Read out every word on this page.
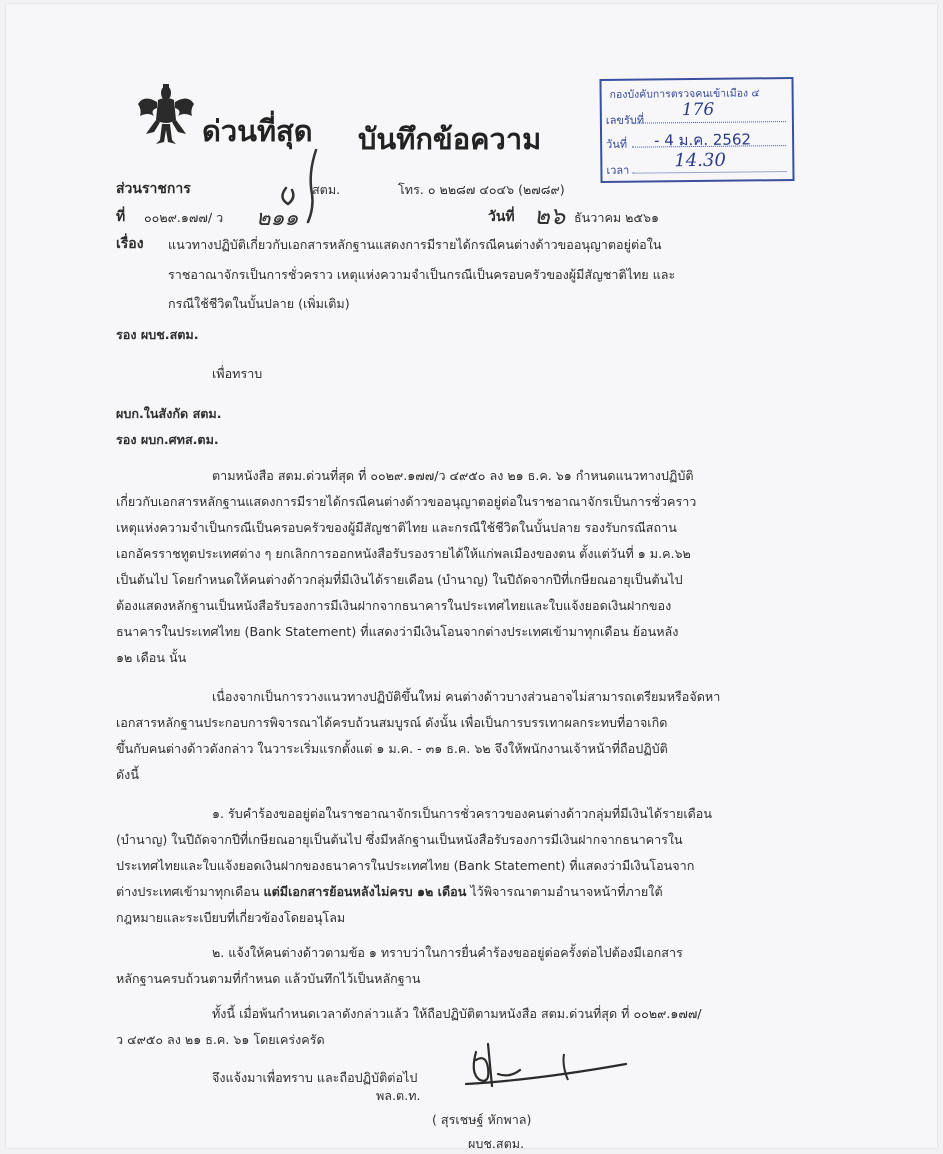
ด่วนที่สุด บันทึกข้อความ
กองบังคับการตรวจคนเข้าเมือง ๔
เลขรับที่
176
วันที่ - 4 ม.ค. 2562
เวลา 14.30
ส่วนราชการ	สตม.	โทร. ๐ ๒๒๘๗ ๔๐๔๖ (๒๗๘๙)
ที่ ๐๐๒๙.๑๗๗/ ว ๒๑๑	วันที่ ๒๖ ธันวาคม ๒๕๖๑
เรื่อง แนวทางปฏิบัติเกี่ยวกับเอกสารหลักฐานแสดงการมีรายได้กรณีคนต่างด้าวขออนุญาตอยู่ต่อใน
ราชอาณาจักรเป็นการชั่วคราว เหตุแห่งความจำเป็นกรณีเป็นครอบครัวของผู้มีสัญชาติไทย และ
กรณีใช้ชีวิตในบั้นปลาย (เพิ่มเติม)
รอง ผบช.สตม.
เพื่อทราบ
ผบก.ในสังกัด สตม.
รอง ผบก.ศทส.ตม.
ตามหนังสือ สตม.ด่วนที่สุด ที่ ๐๐๒๙.๑๗๗/ว ๔๙๕๐ ลง ๒๑ ธ.ค. ๖๑ กำหนดแนวทางปฏิบัติ
เกี่ยวกับเอกสารหลักฐานแสดงการมีรายได้กรณีคนต่างด้าวขออนุญาตอยู่ต่อในราชอาณาจักรเป็นการชั่วคราว
เหตุแห่งความจำเป็นกรณีเป็นครอบครัวของผู้มีสัญชาติไทย และกรณีใช้ชีวิตในบั้นปลาย รองรับกรณีสถาน
เอกอัครราชทูตประเทศต่าง ๆ ยกเลิกการออกหนังสือรับรองรายได้ให้แก่พลเมืองของตน ตั้งแต่วันที่ ๑ ม.ค.๖๒
เป็นต้นไป โดยกำหนดให้คนต่างด้าวกลุ่มที่มีเงินได้รายเดือน (บำนาญ) ในปีถัดจากปีที่เกษียณอายุเป็นต้นไป
ต้องแสดงหลักฐานเป็นหนังสือรับรองการมีเงินฝากจากธนาคารในประเทศไทยและใบแจ้งยอดเงินฝากของ
ธนาคารในประเทศไทย (Bank Statement) ที่แสดงว่ามีเงินโอนจากต่างประเทศเข้ามาทุกเดือน ย้อนหลัง
๑๒ เดือน นั้น
เนื่องจากเป็นการวางแนวทางปฏิบัติขึ้นใหม่ คนต่างด้าวบางส่วนอาจไม่สามารถเตรียมหรือจัดหา
เอกสารหลักฐานประกอบการพิจารณาได้ครบถ้วนสมบูรณ์ ดังนั้น เพื่อเป็นการบรรเทาผลกระทบที่อาจเกิด
ขึ้นกับคนต่างด้าวดังกล่าว ในวาระเริ่มแรกตั้งแต่ ๑ ม.ค. - ๓๑ ธ.ค. ๖๒ จึงให้พนักงานเจ้าหน้าที่ถือปฏิบัติ
ดังนี้
๑. รับคำร้องขออยู่ต่อในราชอาณาจักรเป็นการชั่วคราวของคนต่างด้าวกลุ่มที่มีเงินได้รายเดือน
(บำนาญ) ในปีถัดจากปีที่เกษียณอายุเป็นต้นไป ซึ่งมีหลักฐานเป็นหนังสือรับรองการมีเงินฝากจากธนาคารใน
ประเทศไทยและใบแจ้งยอดเงินฝากของธนาคารในประเทศไทย (Bank Statement) ที่แสดงว่ามีเงินโอนจาก
ต่างประเทศเข้ามาทุกเดือน แต่มีเอกสารย้อนหลังไม่ครบ ๑๒ เดือน ไว้พิจารณาตามอำนาจหน้าที่ภายใต้
กฎหมายและระเบียบที่เกี่ยวข้องโดยอนุโลม
๒. แจ้งให้คนต่างด้าวตามข้อ ๑ ทราบว่าในการยื่นคำร้องขออยู่ต่อครั้งต่อไปต้องมีเอกสาร
หลักฐานครบถ้วนตามที่กำหนด แล้วบันทึกไว้เป็นหลักฐาน
ทั้งนี้ เมื่อพ้นกำหนดเวลาดังกล่าวแล้ว ให้ถือปฏิบัติตามหนังสือ สตม.ด่วนที่สุด ที่ ๐๐๒๙.๑๗๗/
ว ๔๙๕๐ ลง ๒๑ ธ.ค. ๖๑ โดยเคร่งครัด
จึงแจ้งมาเพื่อทราบ และถือปฏิบัติต่อไป
พล.ต.ท.
( สุรเชษฐ์ หักพาล)
ผบช.สตม.
